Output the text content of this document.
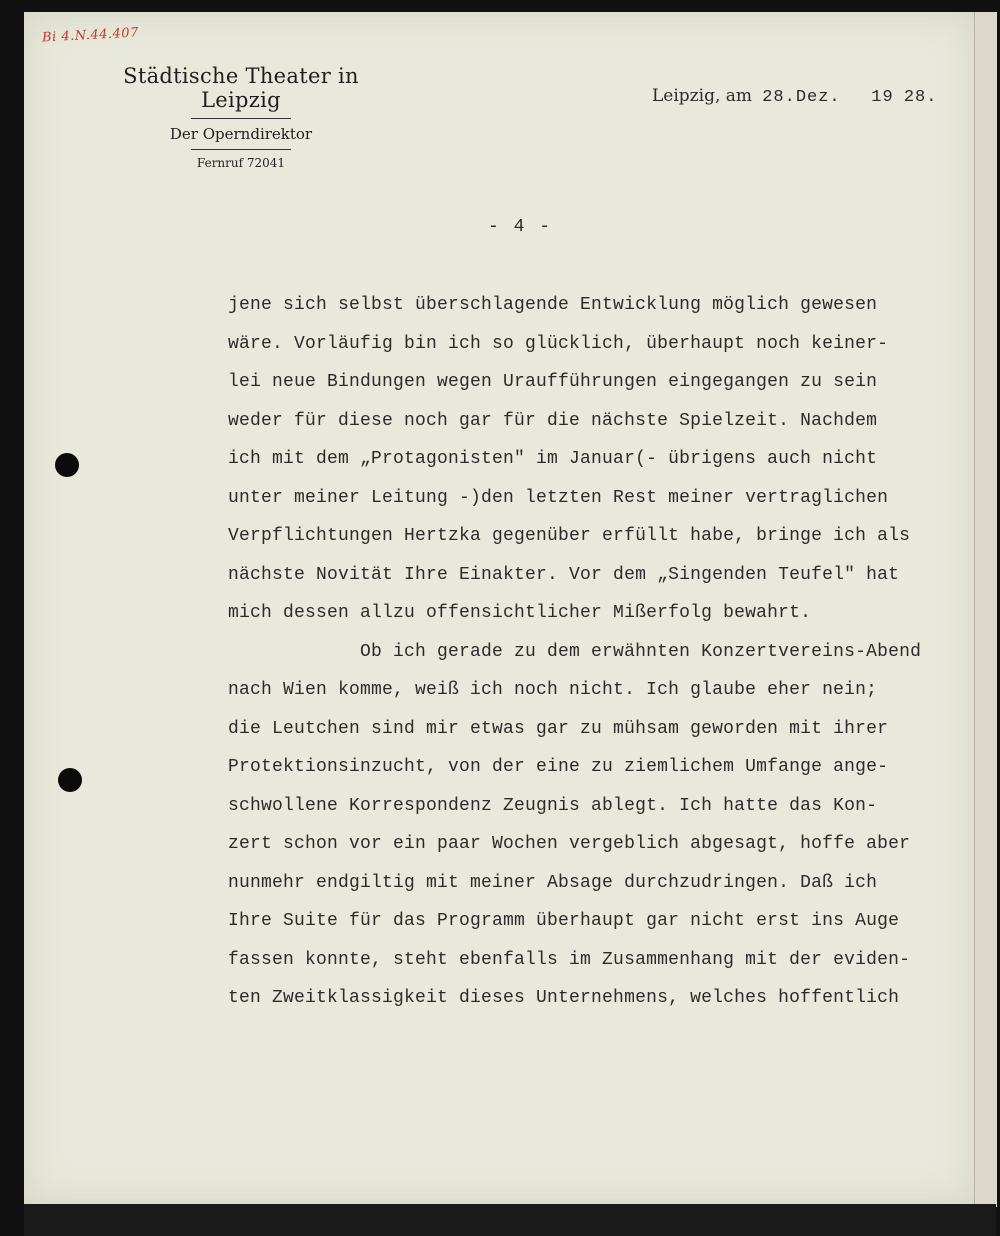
Bi 4.N.44.407
Städtische Theater in Leipzig
Der Operndirektor
Fernruf 72041
Leipzig, am 28.Dez. 19 28.
- 4 -
jene sich selbst überschlagende Entwicklung möglich gewesen
wäre. Vorläufig bin ich so glücklich, überhaupt noch keiner-
lei neue Bindungen wegen Uraufführungen eingegangen zu sein
weder für diese noch gar für die nächste Spielzeit. Nachdem
ich mit dem „Protagonisten" im Januar(- übrigens auch nicht
unter meiner Leitung -)den letzten Rest meiner vertraglichen
Verpflichtungen Hertzka gegenüber erfüllt habe, bringe ich als
nächste Novität Ihre Einakter. Vor dem „Singenden Teufel" hat
mich dessen allzu offensichtlicher Mißerfolg bewahrt.
Ob ich gerade zu dem erwähnten Konzertvereins-Abend
nach Wien komme, weiß ich noch nicht. Ich glaube eher nein;
die Leutchen sind mir etwas gar zu mühsam geworden mit ihrer
Protektionsinzucht, von der eine zu ziemlichem Umfange ange-
schwollene Korrespondenz Zeugnis ablegt. Ich hatte das Kon-
zert schon vor ein paar Wochen vergeblich abgesagt, hoffe aber
nunmehr endgiltig mit meiner Absage durchzudringen. Daß ich
Ihre Suite für das Programm überhaupt gar nicht erst ins Auge
fassen konnte, steht ebenfalls im Zusammenhang mit der eviden-
ten Zweitklassigkeit dieses Unternehmens, welches hoffentlich
